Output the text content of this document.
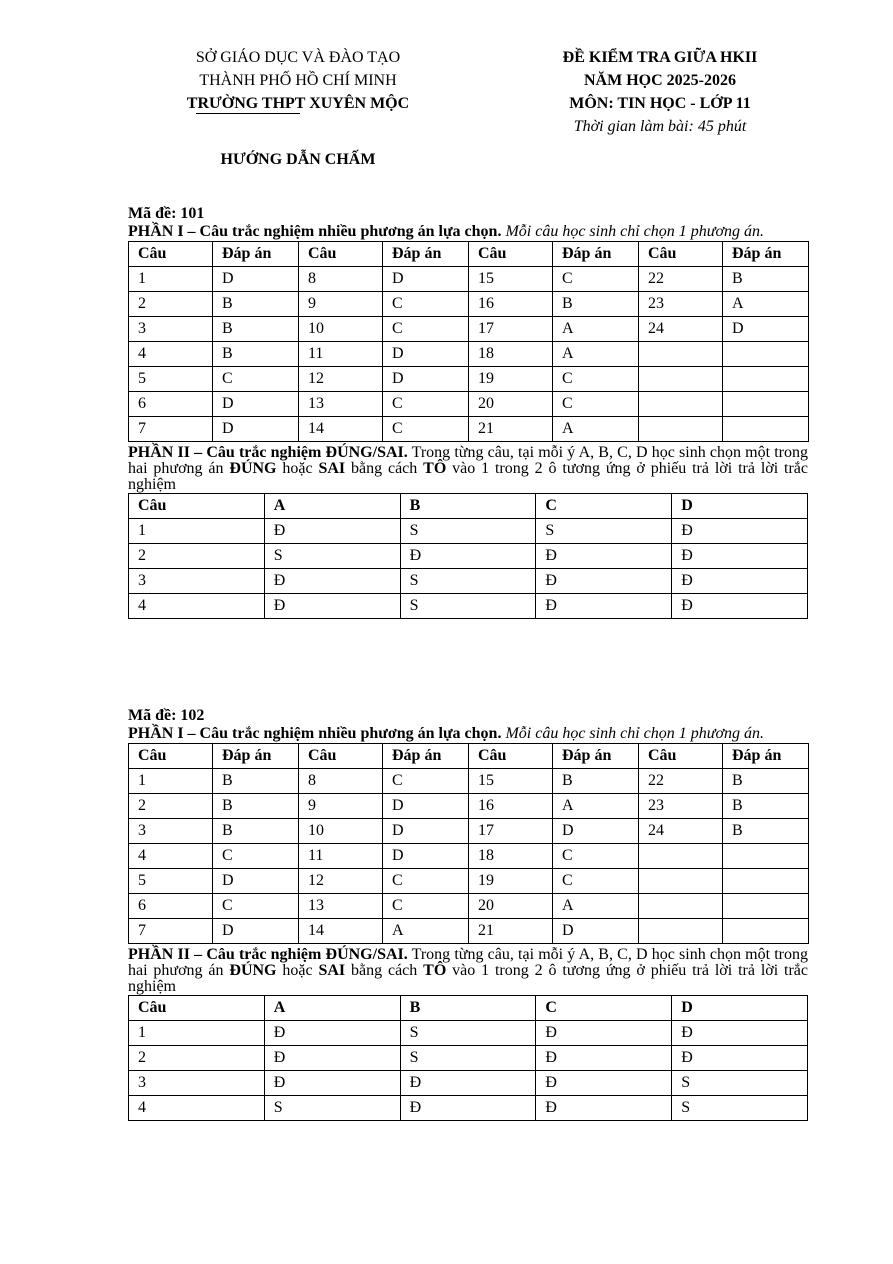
SỞ GIÁO DỤC VÀ ĐÀO TẠO
THÀNH PHỐ HỒ CHÍ MINH
TRƯỜNG THPT XUYÊN MỘC
ĐỀ KIỂM TRA GIỮA HKII
NĂM HỌC 2025-2026
MÔN: TIN HỌC - LỚP 11
Thời gian làm bài: 45 phút
HƯỚNG DẪN CHẤM
Mã đề: 101
PHẦN I – Câu trắc nghiệm nhiều phương án lựa chọn. Mỗi câu học sinh chỉ chọn 1 phương án.
Câu	Đáp án	Câu	Đáp án	Câu	Đáp án	Câu	Đáp án
1	D	8	D	15	C	22	B
2	B	9	C	16	B	23	A
3	B	10	C	17	A	24	D
4	B	11	D	18	A		
5	C	12	D	19	C		
6	D	13	C	20	C		
7	D	14	C	21	A		
PHẦN II – Câu trắc nghiệm ĐÚNG/SAI. Trong từng câu, tại mỗi ý A, B, C, D học sinh chọn một trong hai phương án ĐÚNG hoặc SAI bằng cách TÔ vào 1 trong 2 ô tương ứng ở phiếu trả lời trả lời trắc nghiệm
Câu	A	B	C	D
1	Đ	S	S	Đ
2	S	Đ	Đ	Đ
3	Đ	S	Đ	Đ
4	Đ	S	Đ	Đ
Mã đề: 102
PHẦN I – Câu trắc nghiệm nhiều phương án lựa chọn. Mỗi câu học sinh chỉ chọn 1 phương án.
Câu	Đáp án	Câu	Đáp án	Câu	Đáp án	Câu	Đáp án
1	B	8	C	15	B	22	B
2	B	9	D	16	A	23	B
3	B	10	D	17	D	24	B
4	C	11	D	18	C		
5	D	12	C	19	C		
6	C	13	C	20	A		
7	D	14	A	21	D		
PHẦN II – Câu trắc nghiệm ĐÚNG/SAI. Trong từng câu, tại mỗi ý A, B, C, D học sinh chọn một trong hai phương án ĐÚNG hoặc SAI bằng cách TÔ vào 1 trong 2 ô tương ứng ở phiếu trả lời trả lời trắc nghiệm
Câu	A	B	C	D
1	Đ	S	Đ	Đ
2	Đ	S	Đ	Đ
3	Đ	Đ	Đ	S
4	S	Đ	Đ	S
